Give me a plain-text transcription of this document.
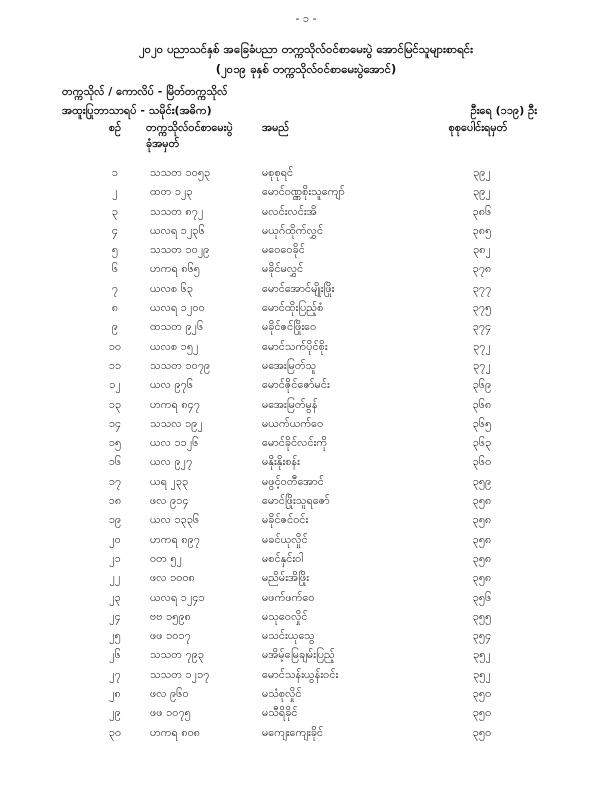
- ၁ -
၂၀၂၀ ပညာသင်နှစ် အခြေခံပညာ တက္ကသိုလ်ဝင်စာမေးပွဲ အောင်မြင်သူများစာရင်း
(၂၀၁၉ ခုနှစ် တက္ကသိုလ်ဝင်စာမေးပွဲအောင်)
တက္ကသိုလ် / ကောလိပ် - မြိတ်တက္ကသိုလ်
အထူးပြုဘာသာရပ် - သမိုင်း(အဓိက)	ဦးရေ (၁၁၉) ဦး
စဉ်	တက္ကသိုလ်ဝင်စာမေးပွဲ
ခုံအမှတ်
အမည်	စုစုပေါင်းရမှတ်
၁	သသတ ၁၀၅၃	မစုစုရင်	၃၉၂
၂	ထတ ၁၂၃	မောင်ဝဏ္ဏစိုးသူကျော်	၃၉၂
၃	သသတ ၈၇၂	မလင်းလင်းအိ	၃၈၆
၄	ယလရ ၁၂၃၆	မယုဂ်ထိုက်လွှင်	၃၈၅
၅	သသတ ၁၀၂၉	မဝေဝေခိုင်	၃၈၂
၆	ဟကရ ၈၆၅	မခိုင်မလွှင်	၃၇၈
၇	ယလစ ၆၃	မောင်အောင်မျိုးဖြိုး	၃၇၇
၈	ယလရ ၁၂၀၀	မောင်ထိုးပြည့်စံ	၃၇၅
၉	ထသတ ၉၂၆	မခိုင်ဇင်ဖြိုးဝေ	၃၇၄
၁၀	ယလစ ၁၅၂	မောင်သက်ပိုင်စိုး	၃၇၂
၁၁	သသတ ၁၀၇၉	မအေးမြတ်သူ	၃၇၂
၁၂	ယလ ၉၇၆	မောင်ဇိုင်ဇော်မင်း	၃၆၉
၁၃	ဟကရ ၈၄၇	မအေးမြတ်မွန်	၃၆၈
၁၄	သသလ ၁၉၂	မယက်ယက်ဝေ	၃၆၅
၁၅	ယလ ၁၁၂၆	မောင်ခိုင်လင်းကို	၃၆၃
၁၆	ယလ ၉၂၇	မနိုးနိုးစန်း	၃၆၀
၁၇	ယရ ၂၃၃	မဖွင့်ဝတီအောင်	၃၅၉
၁၈	ဖလ ၉၁၄	မောင်ဖြိုးသူရဇော်	၃၅၈
၁၉	ယလ ၁၃၃၆	မခိုင်ဇင်ဝင်း	၃၅၈
၂၀	ဟကရ ၈၉၇	မခင်ယုလှိုင်	၃၅၈
၂၁	ဝတ ၅၂	မစင်နှင်းဝါ	၃၅၈
၂၂	ဖလ ၁၀၀၈	မညိမ်းအိဖြိုး	၃၅၈
၂၃	ယလရ ၁၂၄၁	မဖက်ဖက်ဝေ	၃၅၆
၂၄	ဗဗ ၁၅၉၈	မသုဝေလှိုင်	၃၅၅
၂၅	ဖဖ ၁၀၁၇	မသင်းယုသွေ	၃၅၄
၂၆	သသတ ၇၉၃	မအိမ့်မြေချမ်းပြည့်	၃၅၂
၂၇	သသတ ၁၂၁၇	မောင်သန်းယွန်းဝင်း	၃၅၂
၂၈	ဖလ ၉၆၀	မသံစုလှိုင်	၃၅၀
၂၉	ဖဖ ၁၀၇၅	မသီရိခိုင်	၃၅၀
၃၀	ဟကရ ၈၀၈	မကျေးကျေးခိုင်	၃၅၀
